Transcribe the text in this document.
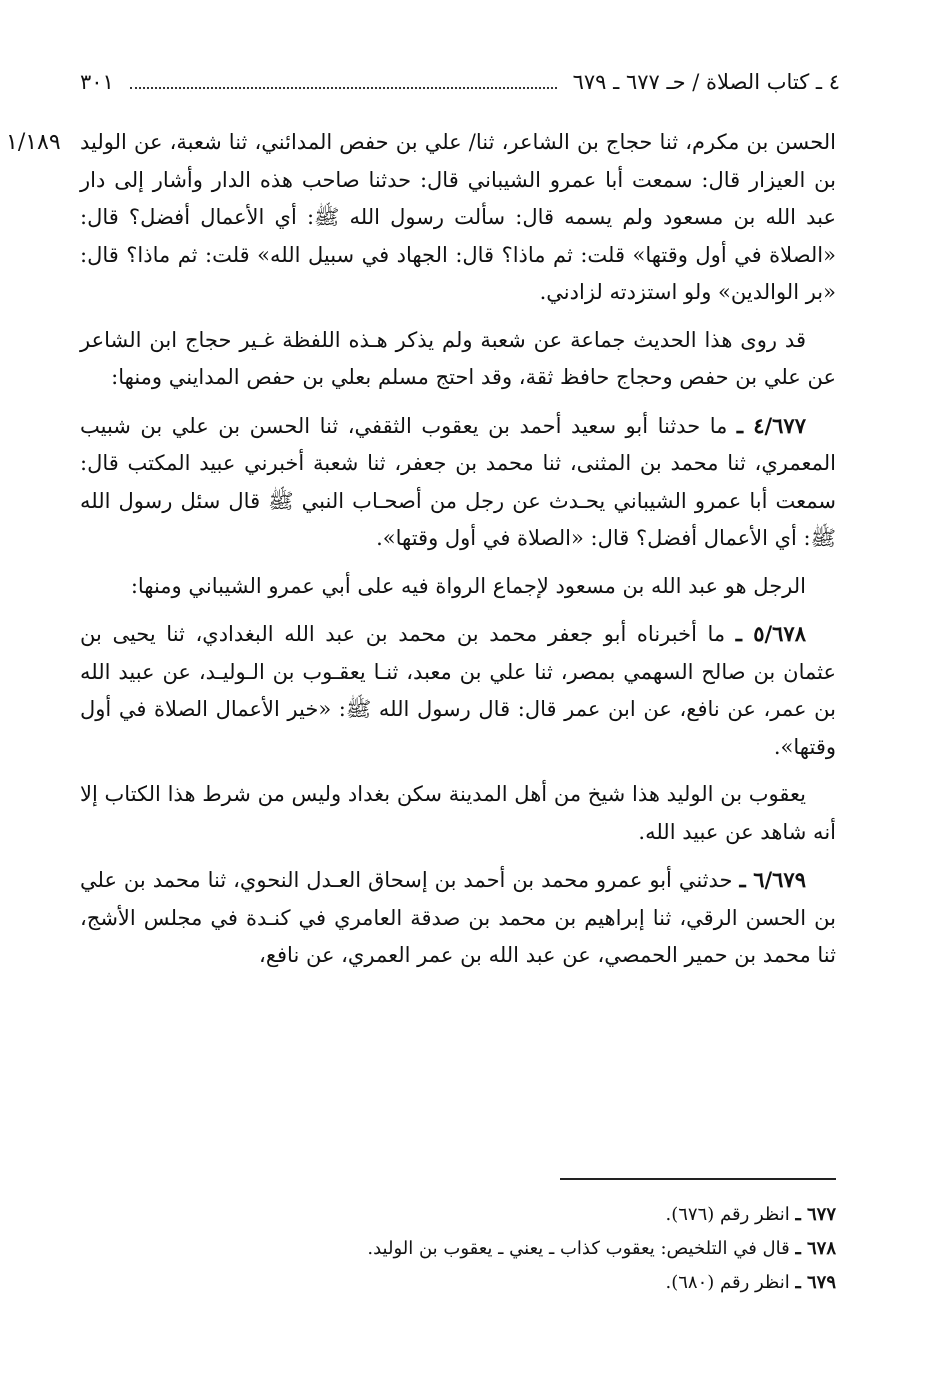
٤ ـ كتاب الصلاة / حـ ٦٧٧ ـ ٦٧٩
٣٠١
١/١٨٩ الحسن بن مكرم، ثنا حجاج بن الشاعر، ثنا/ علي بن حفص المدائني، ثنا شعبة، عن الوليد بن العيزار قال: سمعت أبا عمرو الشيباني قال: حدثنا صاحب هذه الدار وأشار إلى دار عبد الله بن مسعود ولم يسمه قال: سألت رسول الله ﷺ: أي الأعمال أفضل؟ قال: «الصلاة في أول وقتها» قلت: ثم ماذا؟ قال: الجهاد في سبيل الله» قلت: ثم ماذا؟ قال: «بر الوالدين» ولو استزدته لزادني.

قد روى هذا الحديث جماعة عن شعبة ولم يذكر هـذه اللفظة غـير حجاج ابن الشاعر عن علي بن حفص وحجاج حافظ ثقة، وقد احتج مسلم بعلي بن حفص المدايني ومنها:

٤/٦٧٧ ـ ما حدثنا أبو سعيد أحمد بن يعقوب الثقفي، ثنا الحسن بن علي بن شبيب المعمري، ثنا محمد بن المثنى، ثنا محمد بن جعفر، ثنا شعبة أخبرني عبيد المكتب قال: سمعت أبا عمرو الشيباني يحـدث عن رجل من أصحـاب النبي ﷺ قال سئل رسول الله ﷺ: أي الأعمال أفضل؟ قال: «الصلاة في أول وقتها».

الرجل هو عبد الله بن مسعود لإجماع الرواة فيه على أبي عمرو الشيباني ومنها:

٥/٦٧٨ ـ ما أخبرناه أبو جعفر محمد بن محمد بن عبد الله البغدادي، ثنا يحيى بن عثمان بن صالح السهمي بمصر، ثنا علي بن معبد، ثنـا يعقـوب بن الـوليـد، عن عبيد الله بن عمر، عن نافع، عن ابن عمر قال: قال رسول الله ﷺ: «خير الأعمال الصلاة في أول وقتها».

يعقوب بن الوليد هذا شيخ من أهل المدينة سكن بغداد وليس من شرط هذا الكتاب إلا أنه شاهد عن عبيد الله.

٦/٦٧٩ ـ حدثني أبو عمرو محمد بن أحمد بن إسحاق العـدل النحوي، ثنا محمد بن علي بن الحسن الرقي، ثنا إبراهيم بن محمد بن صدقة العامري في كنـدة في مجلس الأشج، ثنا محمد بن حمير الحمصي، عن عبد الله بن عمر العمري، عن نافع،

٦٧٧ ـ انظر رقم (٦٧٦).

٦٧٨ ـ قال في التلخيص: يعقوب كذاب ـ يعني ـ يعقوب بن الوليد.

٦٧٩ ـ انظر رقم (٦٨٠).
